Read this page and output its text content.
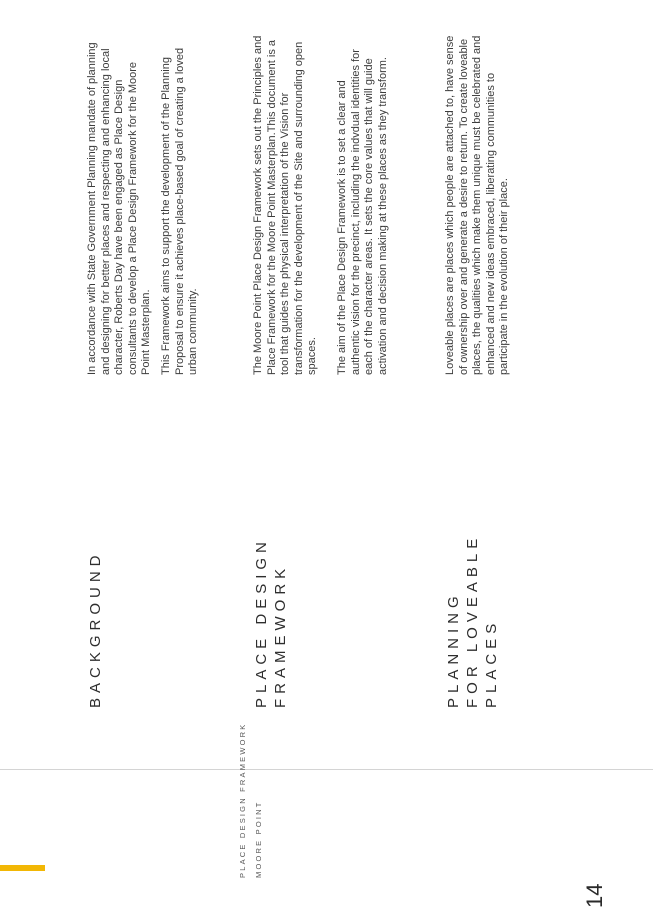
BACKGROUND

In accordance with State Government Planning mandate of planning and designing for better places and respecting and enhancing local character, Roberts Day have been engaged as Place Design consultants to develop a Place Design Framework for the Moore Point Masterplan. This Framework aims to support the development of the Planning Proposal to ensure it achieves place-based goal of creating a loved urban community.

PLACE DESIGN FRAMEWORK

The Moore Point Place Design Framework sets out the Principles and Place Framework for the Moore Point Masterplan.This document is a tool that guides the physical interpretation of the Vision for transformation for the development of the Site and surrounding open spaces. The aim of the Place Design Framework is to set a clear and authentic vision for the precinct, including the indvdual identities for each of the character areas. It sets the core values that will guide activation and decision making at these places as they transform.

PLANNING FOR LOVEABLE PLACES

Loveable places are places which people are attached to, have sense of ownership over and generate a desire to return. To create loveable places, the qualities which make them unique must be celebrated and enhanced and new ideas embraced, liberating communities to participate in the evolution of their place.

PLACE DESIGN FRAMEWORK MOORE POINT
14
